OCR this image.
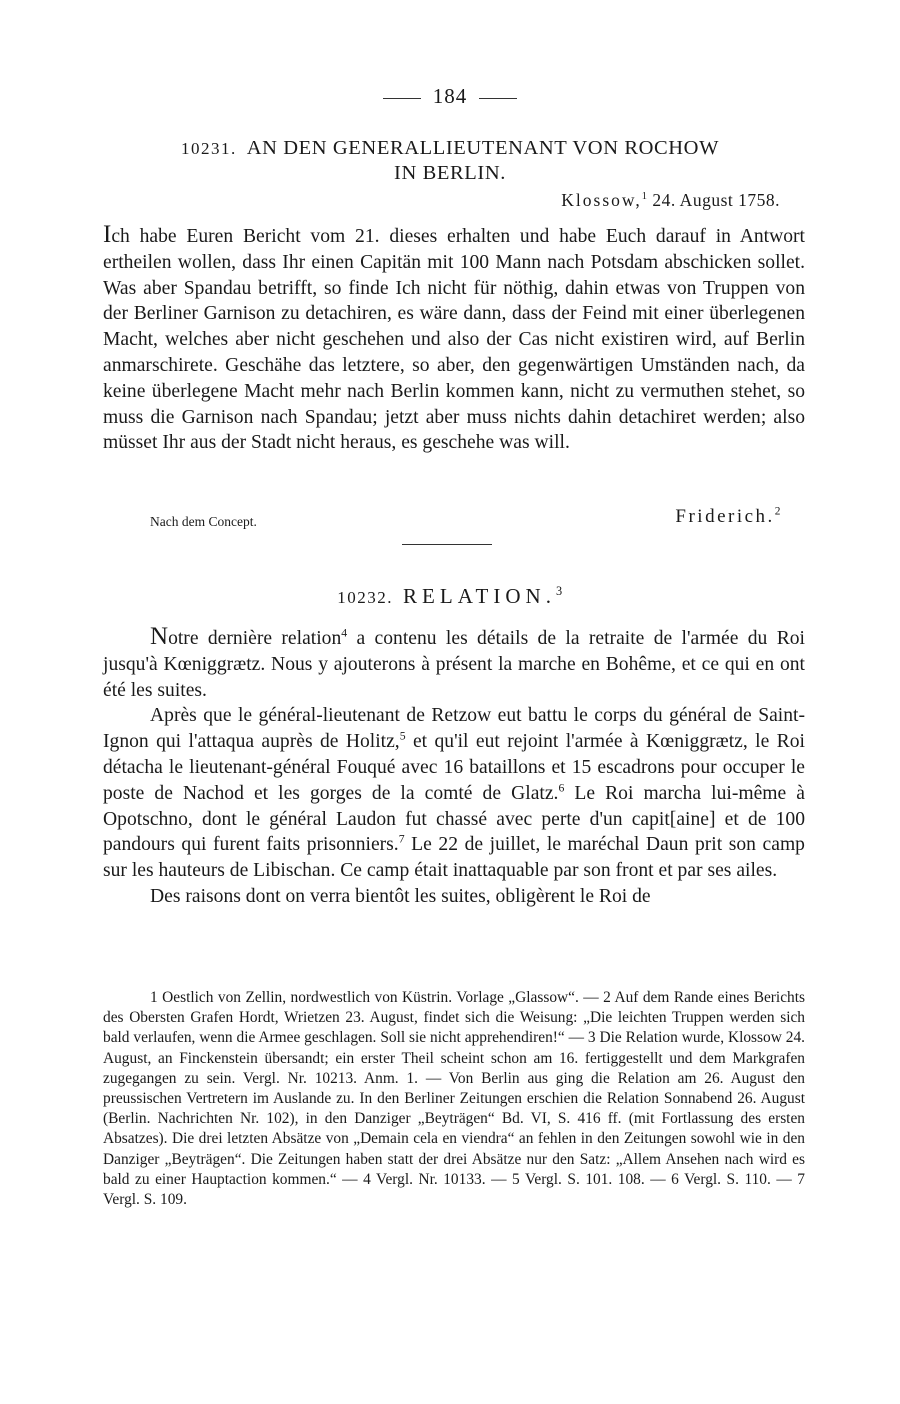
184
10231. AN DEN GENERALLIEUTENANT VON ROCHOW
IN BERLIN.
Klossow,$^1$ 24. August 1758.

Ich habe Euren Bericht vom 21. dieses erhalten und habe Euch darauf in Antwort ertheilen wollen, dass Ihr einen Capitän mit 100 Mann nach Potsdam abschicken sollet. Was aber Spandau betrifft, so finde Ich nicht für nöthig, dahin etwas von Truppen von der Berliner Garnison zu detachiren, es wäre dann, dass der Feind mit einer überlegenen Macht, welches aber nicht geschehen und also der Cas nicht existiren wird, auf Berlin anmarschirete. Geschähe das letztere, so aber, den gegenwärtigen Umständen nach, da keine überlegene Macht mehr nach Berlin kommen kann, nicht zu vermuthen stehet, so muss die Garnison nach Spandau; jetzt aber muss nichts dahin detachiret werden; also müsset Ihr aus der Stadt nicht heraus, es geschehe was will.

Nach dem Concept.	Friderich.$^2$
10232. RELATION.$^3$

Notre dernière relation$^4$ a contenu les détails de la retraite de l'armée du Roi jusqu'à Kœniggrætz. Nous y ajouterons à présent la marche en Bohême, et ce qui en ont été les suites.

Après que le général-lieutenant de Retzow eut battu le corps du général de Saint-Ignon qui l'attaqua auprès de Holitz,$^5$ et qu'il eut rejoint l'armée à Kœniggrætz, le Roi détacha le lieutenant-général Fouqué avec 16 bataillons et 15 escadrons pour occuper le poste de Nachod et les gorges de la comté de Glatz.$^6$ Le Roi marcha lui-même à Opotschno, dont le général Laudon fut chassé avec perte d'un capit[aine] et de 100 pandours qui furent faits prisonniers.$^7$ Le 22 de juillet, le maréchal Daun prit son camp sur les hauteurs de Libischan. Ce camp était inattaquable par son front et par ses ailes.

Des raisons dont on verra bientôt les suites, obligèrent le Roi de

1 Oestlich von Zellin, nordwestlich von Küstrin. Vorlage „Glassow“. — 2 Auf dem Rande eines Berichts des Obersten Grafen Hordt, Wrietzen 23. August, findet sich die Weisung: „Die leichten Truppen werden sich bald verlaufen, wenn die Armee geschlagen. Soll sie nicht apprehendiren!“ — 3 Die Relation wurde, Klossow 24. August, an Finckenstein übersandt; ein erster Theil scheint schon am 16. fertiggestellt und dem Markgrafen zugegangen zu sein. Vergl. Nr. 10213. Anm. 1. — Von Berlin aus ging die Relation am 26. August den preussischen Vertretern im Auslande zu. In den Berliner Zeitungen erschien die Relation Sonnabend 26. August (Berlin. Nachrichten Nr. 102), in den Danziger „Beyträgen“ Bd. VI, S. 416 ff. (mit Fortlassung des ersten Absatzes). Die drei letzten Absätze von „Demain cela en viendra“ an fehlen in den Zeitungen sowohl wie in den Danziger „Beyträgen“. Die Zeitungen haben statt der drei Absätze nur den Satz: „Allem Ansehen nach wird es bald zu einer Hauptaction kommen.“ — 4 Vergl. Nr. 10133. — 5 Vergl. S. 101. 108. — 6 Vergl. S. 110. — 7 Vergl. S. 109.
